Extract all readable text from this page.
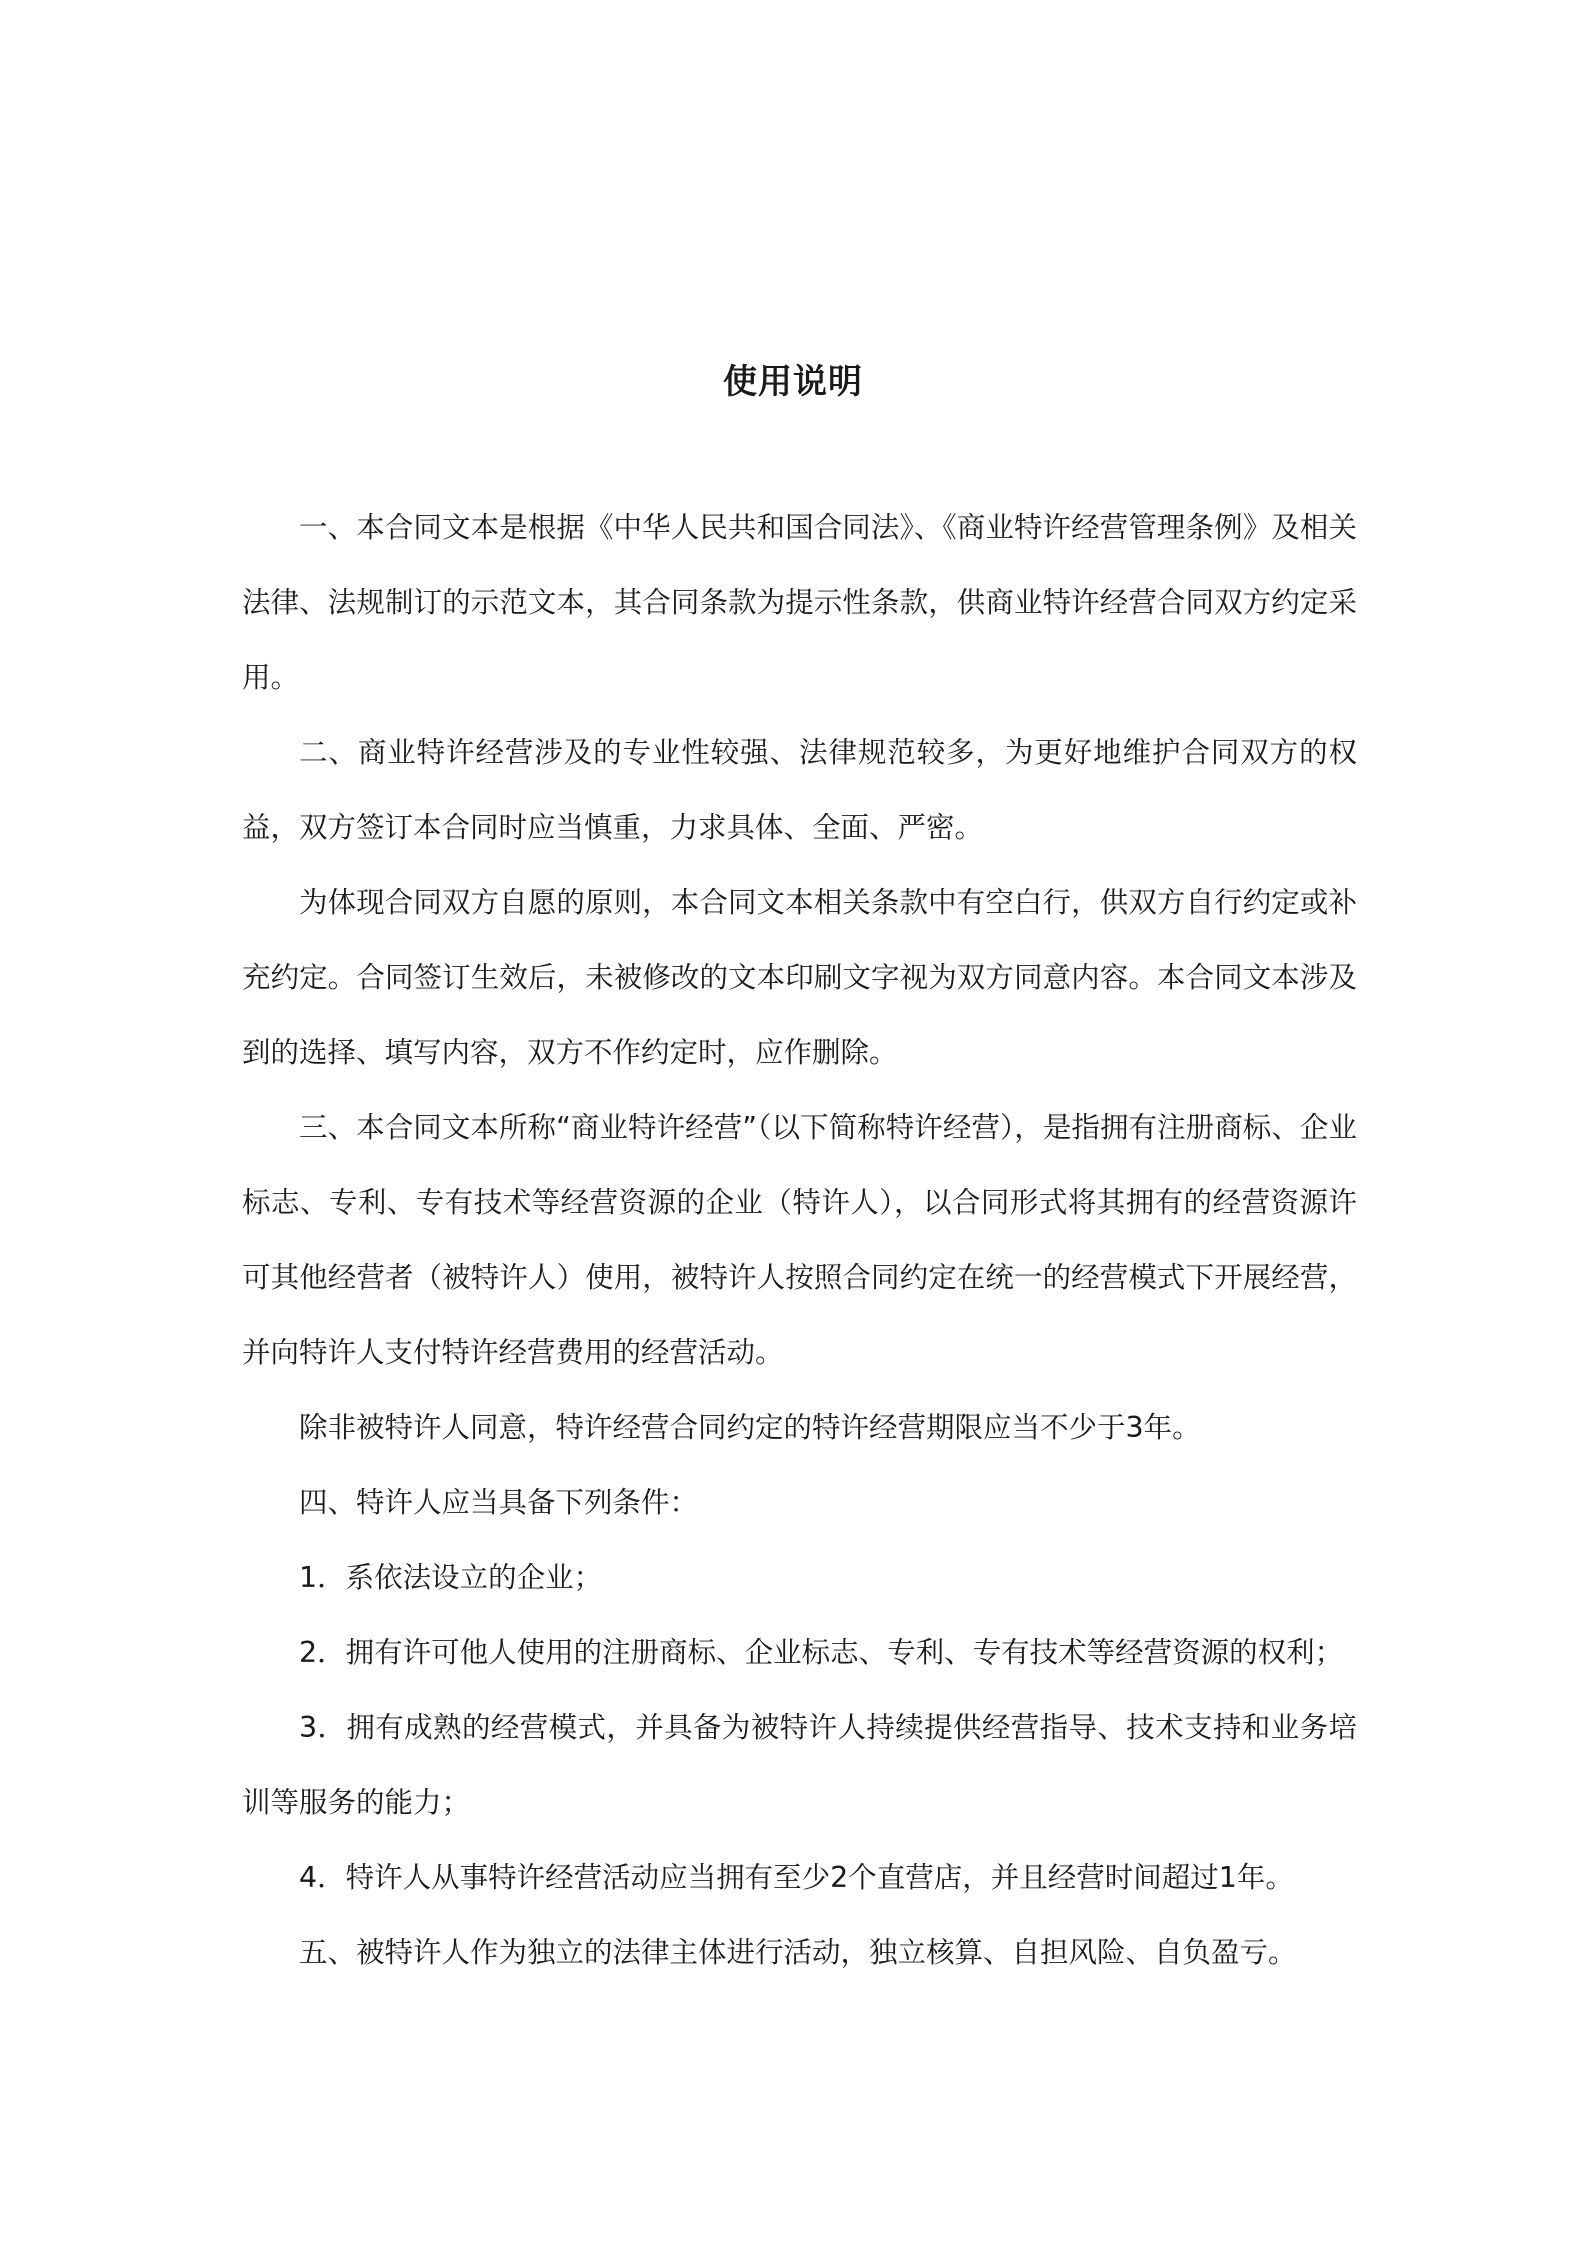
使用说明

一、本合同文本是根据《中华人民共和国合同法》、《商业特许经营管理条例》及相关法律、法规制订的示范文本，其合同条款为提示性条款，供商业特许经营合同双方约定采用。

二、商业特许经营涉及的专业性较强、法律规范较多，为更好地维护合同双方的权益，双方签订本合同时应当慎重，力求具体、全面、严密。

为体现合同双方自愿的原则，本合同文本相关条款中有空白行，供双方自行约定或补充约定。合同签订生效后，未被修改的文本印刷文字视为双方同意内容。本合同文本涉及到的选择、填写内容，双方不作约定时，应作删除。

三、本合同文本所称“商业特许经营”（以下简称特许经营），是指拥有注册商标、企业标志、专利、专有技术等经营资源的企业（特许人），以合同形式将其拥有的经营资源许可其他经营者（被特许人）使用，被特许人按照合同约定在统一的经营模式下开展经营，并向特许人支付特许经营费用的经营活动。

除非被特许人同意，特许经营合同约定的特许经营期限应当不少于3年。

四、特许人应当具备下列条件：

1．系依法设立的企业；

2．拥有许可他人使用的注册商标、企业标志、专利、专有技术等经营资源的权利；

3．拥有成熟的经营模式，并具备为被特许人持续提供经营指导、技术支持和业务培训等服务的能力；

4．特许人从事特许经营活动应当拥有至少2个直营店，并且经营时间超过1年。

五、被特许人作为独立的法律主体进行活动，独立核算、自担风险、自负盈亏。
